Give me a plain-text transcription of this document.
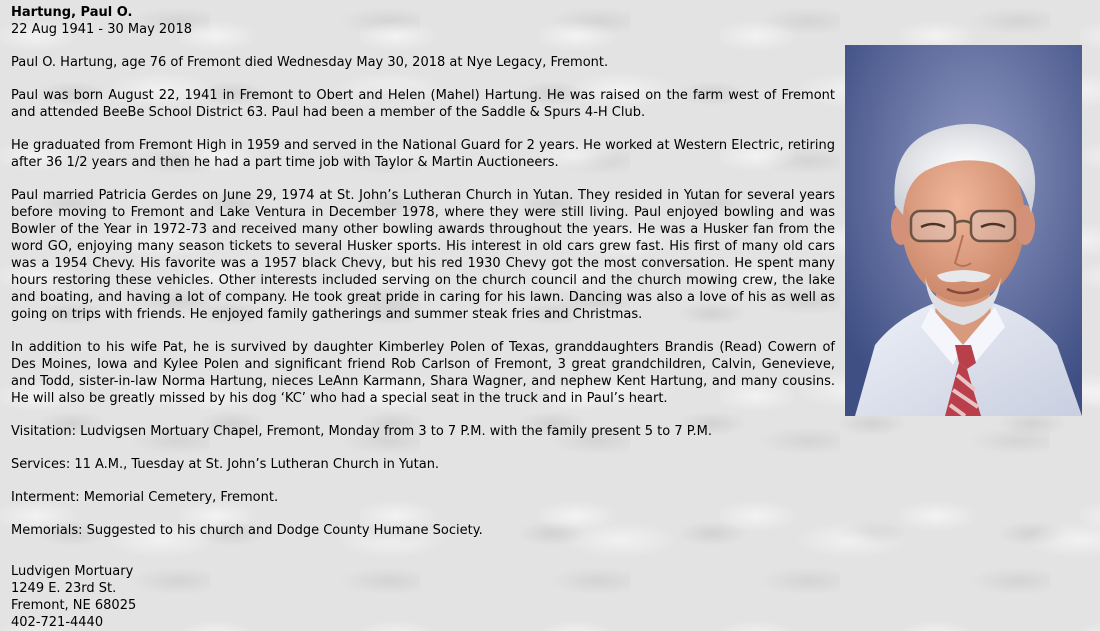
Hartung, Paul O.
22 Aug 1941 - 30 May 2018

Paul O. Hartung, age 76 of Fremont died Wednesday May 30, 2018 at Nye Legacy, Fremont.

Paul was born August 22, 1941 in Fremont to Obert and Helen (Mahel) Hartung. He was raised on the farm west of Fremont and attended BeeBe School District 63. Paul had been a member of the Saddle & Spurs 4-H Club.

He graduated from Fremont High in 1959 and served in the National Guard for 2 years. He worked at Western Electric, retiring after 36 1/2 years and then he had a part time job with Taylor & Martin Auctioneers.

Paul married Patricia Gerdes on June 29, 1974 at St. John’s Lutheran Church in Yutan. They resided in Yutan for several years before moving to Fremont and Lake Ventura in December 1978, where they were still living. Paul enjoyed bowling and was Bowler of the Year in 1972-73 and received many other bowling awards throughout the years. He was a Husker fan from the word GO, enjoying many season tickets to several Husker sports. His interest in old cars grew fast. His first of many old cars was a 1954 Chevy. His favorite was a 1957 black Chevy, but his red 1930 Chevy got the most conversation. He spent many hours restoring these vehicles. Other interests included serving on the church council and the church mowing crew, the lake and boating, and having a lot of company. He took great pride in caring for his lawn. Dancing was also a love of his as well as going on trips with friends. He enjoyed family gatherings and summer steak fries and Christmas.

In addition to his wife Pat, he is survived by daughter Kimberley Polen of Texas, granddaughters Brandis (Read) Cowern of Des Moines, Iowa and Kylee Polen and significant friend Rob Carlson of Fremont, 3 great grandchildren, Calvin, Genevieve, and Todd, sister-in-law Norma Hartung, nieces LeAnn Karmann, Shara Wagner, and nephew Kent Hartung, and many cousins. He will also be greatly missed by his dog ‘KC’ who had a special seat in the truck and in Paul’s heart.

Visitation: Ludvigsen Mortuary Chapel, Fremont, Monday from 3 to 7 P.M. with the family present 5 to 7 P.M.

Services: 11 A.M., Tuesday at St. John’s Lutheran Church in Yutan.

Interment: Memorial Cemetery, Fremont.

Memorials: Suggested to his church and Dodge County Humane Society.

Ludvigen Mortuary
1249 E. 23rd St.
Fremont, NE 68025
402-721-4440
